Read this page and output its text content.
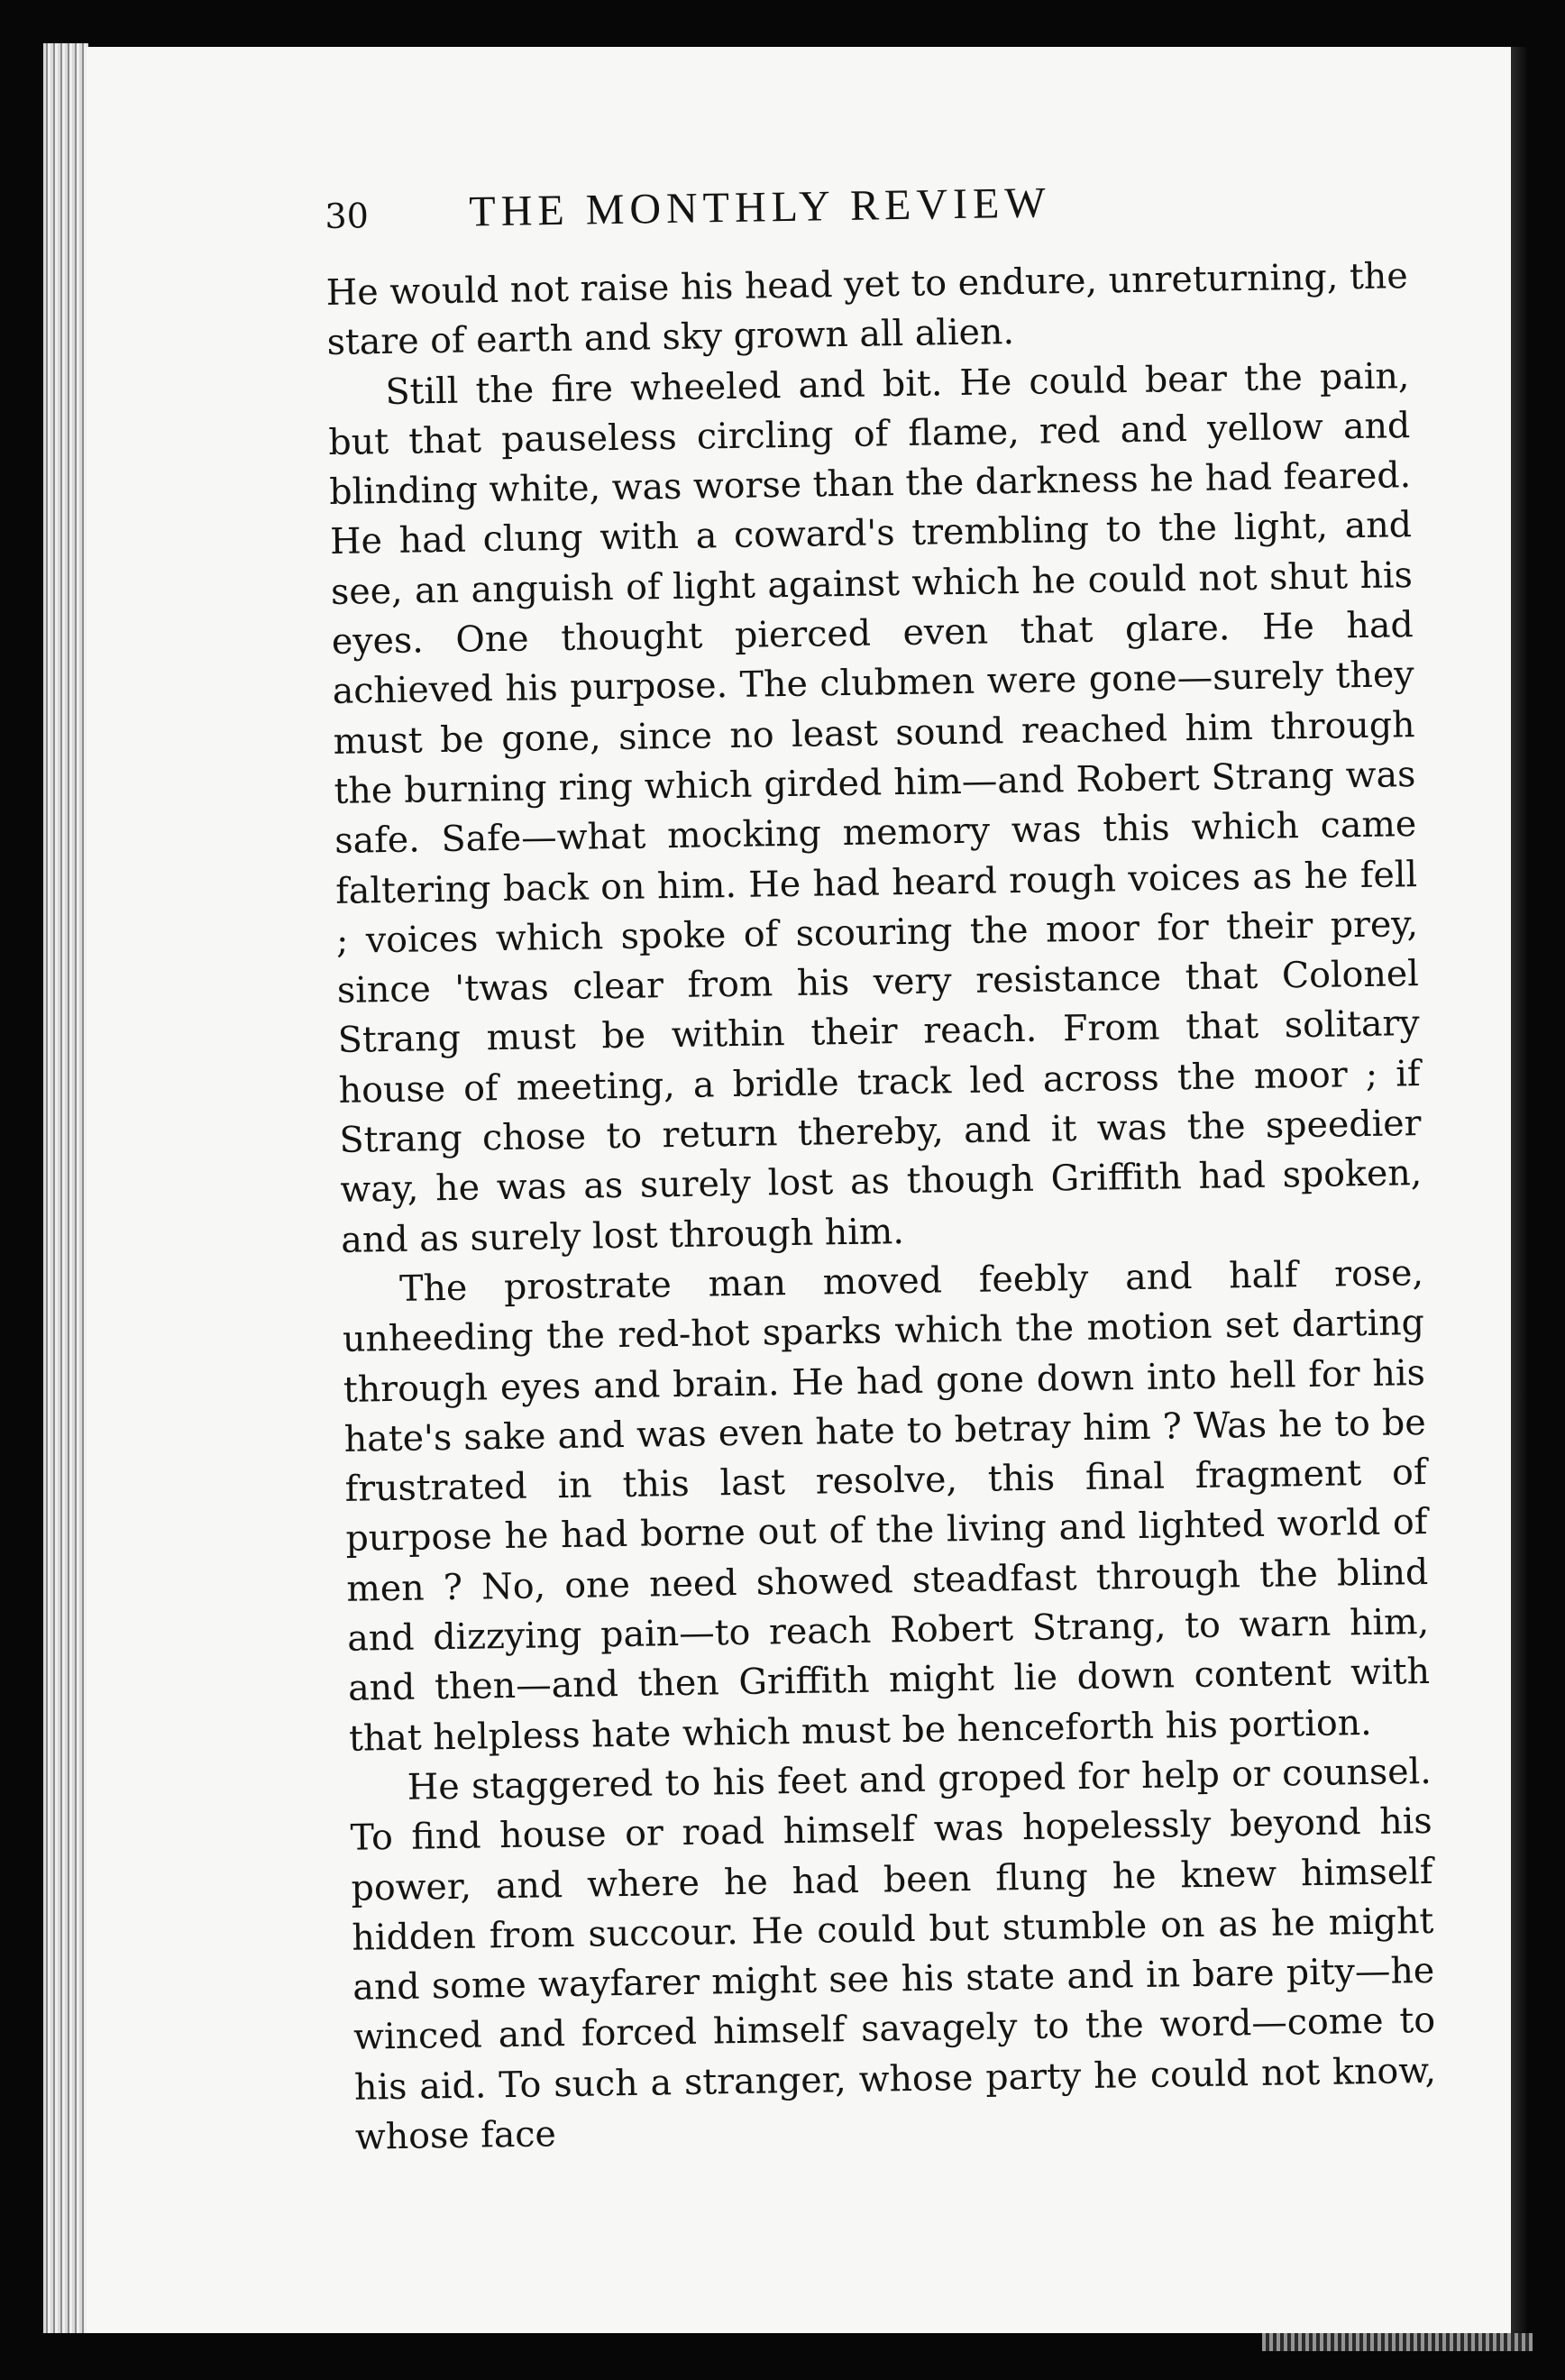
30	THE MONTHLY REVIEW

He would not raise his head yet to endure, unreturning, the stare of earth and sky grown all alien.

Still the fire wheeled and bit. He could bear the pain, but that pauseless circling of flame, red and yellow and blinding white, was worse than the darkness he had feared. He had clung with a coward's trembling to the light, and see, an anguish of light against which he could not shut his eyes. One thought pierced even that glare. He had achieved his purpose. The clubmen were gone—surely they must be gone, since no least sound reached him through the burning ring which girded him—and Robert Strang was safe. Safe—what mocking memory was this which came faltering back on him. He had heard rough voices as he fell ; voices which spoke of scouring the moor for their prey, since 'twas clear from his very resistance that Colonel Strang must be within their reach. From that solitary house of meeting, a bridle track led across the moor ; if Strang chose to return thereby, and it was the speedier way, he was as surely lost as though Griffith had spoken, and as surely lost through him.

The prostrate man moved feebly and half rose, unheeding the red-hot sparks which the motion set darting through eyes and brain. He had gone down into hell for his hate's sake and was even hate to betray him ? Was he to be frustrated in this last resolve, this final fragment of purpose he had borne out of the living and lighted world of men ? No, one need showed steadfast through the blind and dizzying pain—to reach Robert Strang, to warn him, and then—and then Griffith might lie down content with that helpless hate which must be henceforth his portion.

He staggered to his feet and groped for help or counsel. To find house or road himself was hopelessly beyond his power, and where he had been flung he knew himself hidden from succour. He could but stumble on as he might and some wayfarer might see his state and in bare pity—he winced and forced himself savagely to the word—come to his aid. To such a stranger, whose party he could not know, whose face
